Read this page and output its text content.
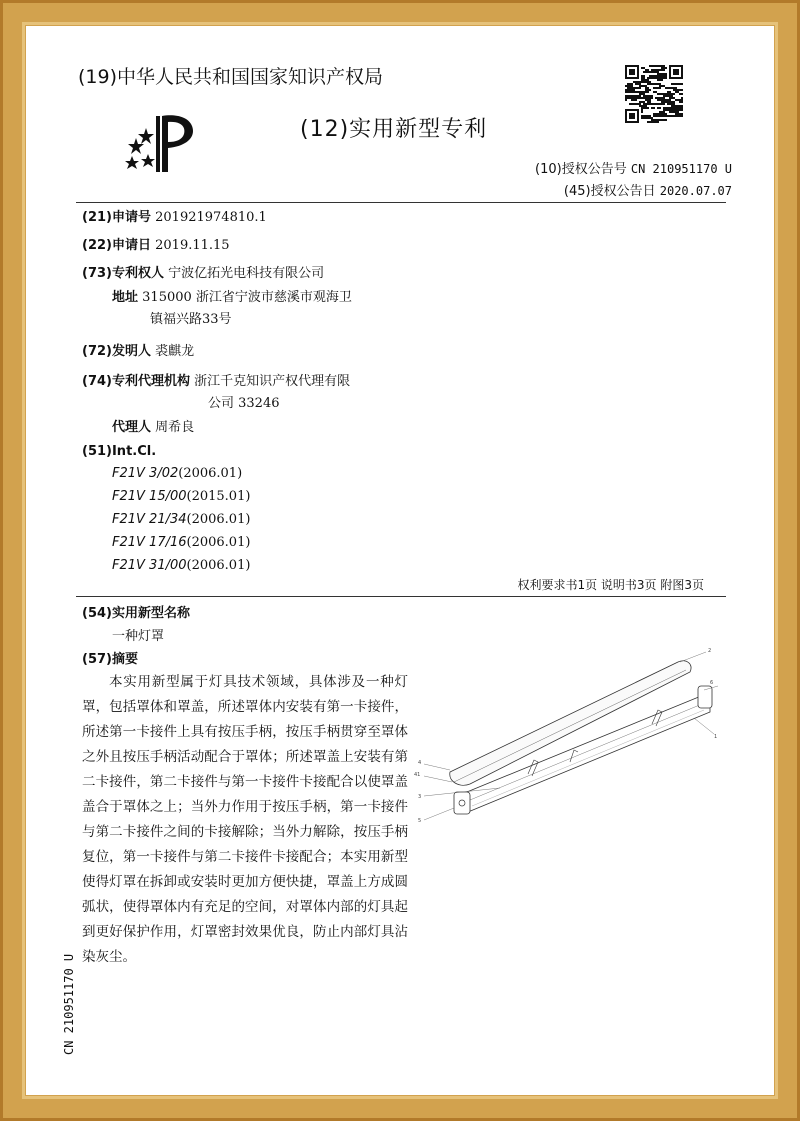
(19)中华人民共和国国家知识产权局
(12)实用新型专利
(10)授权公告号 CN 210951170 U
(45)授权公告日 2020.07.07
(21)申请号 201921974810.1
(22)申请日 2019.11.15
(73)专利权人 宁波亿拓光电科技有限公司
地址 315000 浙江省宁波市慈溪市观海卫
镇福兴路33号
(72)发明人 裘麒龙
(74)专利代理机构 浙江千克知识产权代理有限
公司 33246
代理人 周希良
(51)Int.Cl.
F21V 3/02(2006.01)
F21V 15/00(2015.01)
F21V 21/34(2006.01)
F21V 17/16(2006.01)
F21V 31/00(2006.01)
权利要求书1页 说明书3页 附图3页
(54)实用新型名称
一种灯罩
(57)摘要
本实用新型属于灯具技术领域，具体涉及一种灯罩，包括罩体和罩盖，所述罩体内安装有第一卡接件，所述第一卡接件上具有按压手柄，按压手柄贯穿至罩体之外且按压手柄活动配合于罩体；所述罩盖上安装有第二卡接件，第二卡接件与第一卡接件卡接配合以使罩盖盖合于罩体之上；当外力作用于按压手柄，第一卡接件与第二卡接件之间的卡接解除；当外力解除，按压手柄复位，第一卡接件与第二卡接件卡接配合；本实用新型使得灯罩在拆卸或安装时更加方便快捷，罩盖上方成圆弧状，使得罩体内有充足的空间，对罩体内部的灯具起到更好保护作用，灯罩密封效果优良，防止内部灯具沾染灰尘。
2
6
1
4
41
3
5
CN 210951170 U
